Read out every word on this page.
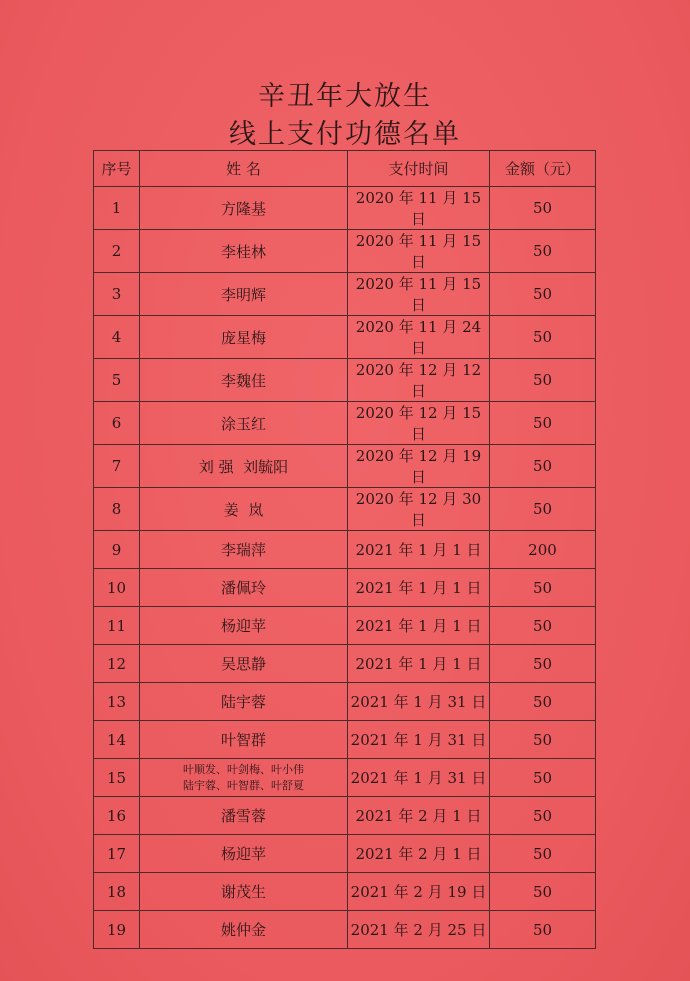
辛丑年大放生
线上支付功德名单
序号	姓 名	支付时间	金额（元）
1	方隆基	2020 年 11 月 15 日	50
2	李桂林	2020 年 11 月 15 日	50
3	李明辉	2020 年 11 月 15 日	50
4	庞星梅	2020 年 11 月 24 日	50
5	李魏佳	2020 年 12 月 12 日	50
6	涂玉红	2020 年 12 月 15 日	50
7	刘 强  刘毓阳	2020 年 12 月 19 日	50
8	姜  岚	2020 年 12 月 30 日	50
9	李瑞萍	2021 年 1 月 1 日	200
10	潘佩玲	2021 年 1 月 1 日	50
11	杨迎苹	2021 年 1 月 1 日	50
12	吴思静	2021 年 1 月 1 日	50
13	陆宇蓉	2021 年 1 月 31 日	50
14	叶智群	2021 年 1 月 31 日	50
15	叶顺发、叶剑梅、叶小伟
陆宇蓉、叶智群、叶舒夏	2021 年 1 月 31 日	50
16	潘雪蓉	2021 年 2 月 1 日	50
17	杨迎苹	2021 年 2 月 1 日	50
18	谢茂生	2021 年 2 月 19 日	50
19	姚仲金	2021 年 2 月 25 日	50
